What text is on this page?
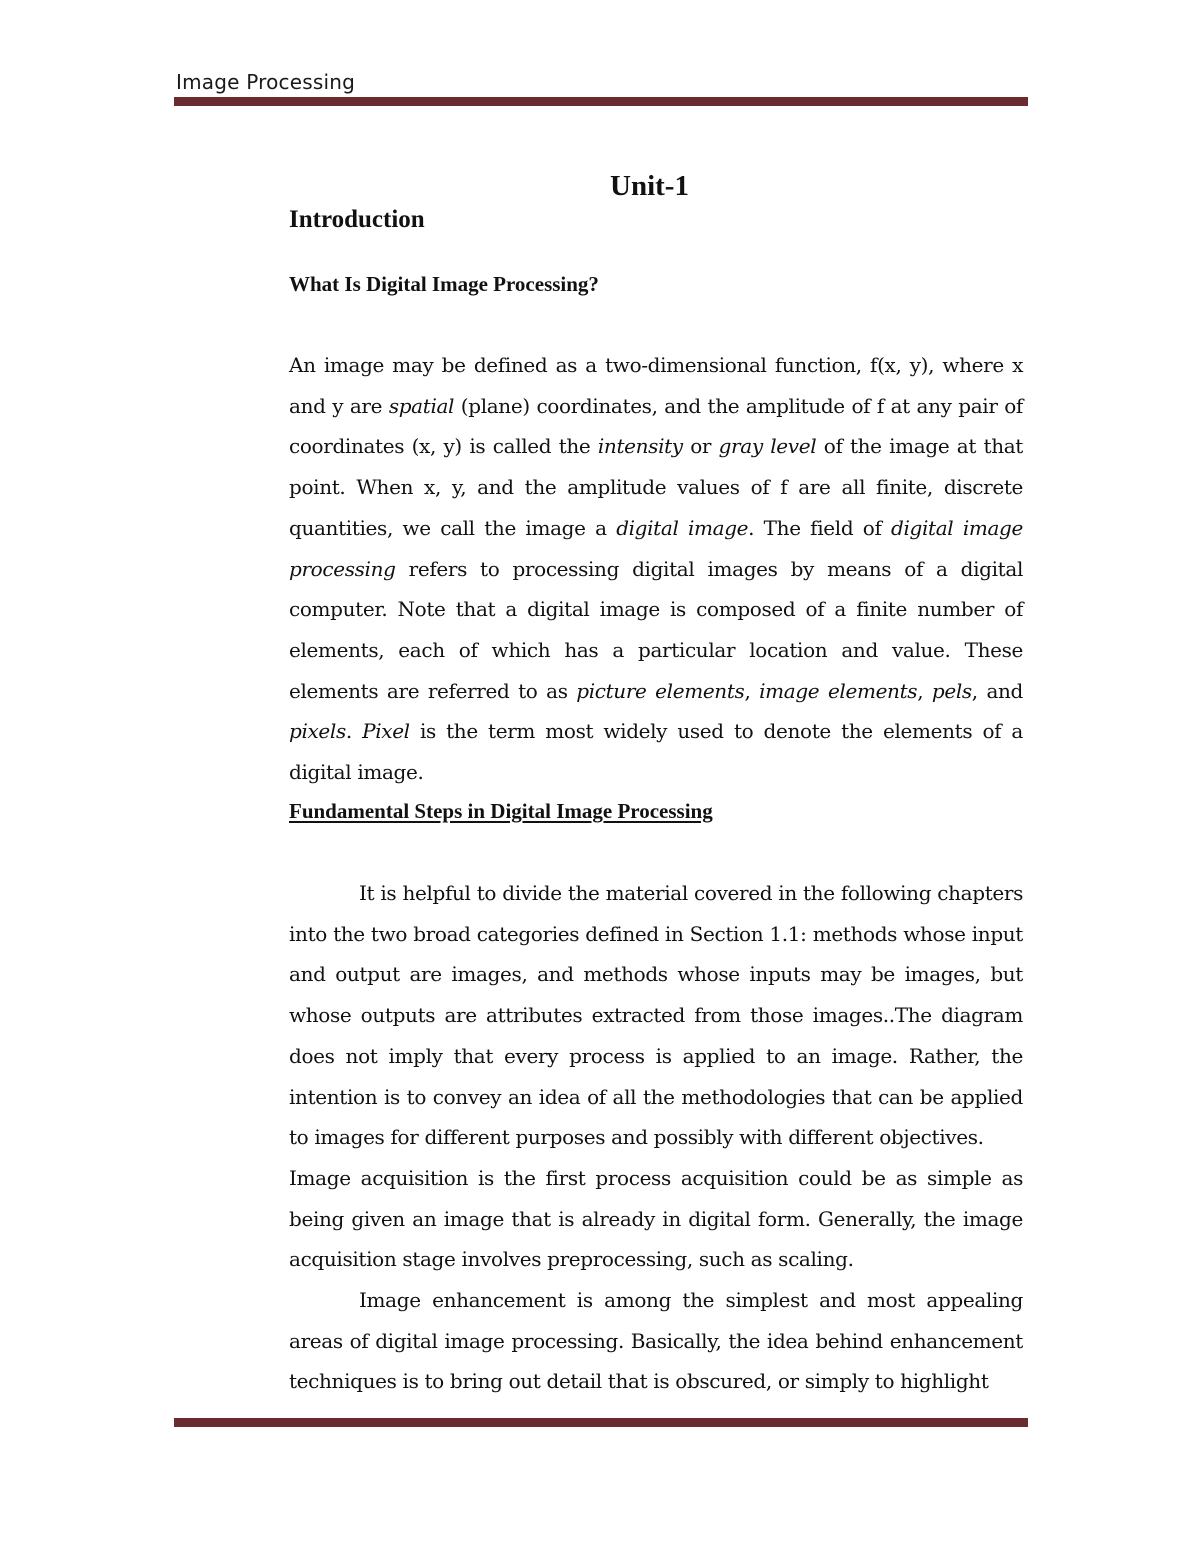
Image Processing
Unit-1
Introduction
What Is Digital Image Processing?

An image may be defined as a two-dimensional function, f(x, y), where x and y are spatial (plane) coordinates, and the amplitude of f at any pair of coordinates (x, y) is called the intensity or gray level of the image at that point. When x, y, and the amplitude values of f are all finite, discrete quantities, we call the image a digital image. The field of digital image processing refers to processing digital images by means of a digital computer. Note that a digital image is composed of a finite number of elements, each of which has a particular location and value. These elements are referred to as picture elements, image elements, pels, and pixels. Pixel is the term most widely used to denote the elements of a digital image.

Fundamental Steps in Digital Image Processing

It is helpful to divide the material covered in the following chapters into the two broad categories defined in Section 1.1: methods whose input and output are images, and methods whose inputs may be images, but whose outputs are attributes extracted from those images..The diagram does not imply that every process is applied to an image. Rather, the intention is to convey an idea of all the methodologies that can be applied to images for different purposes and possibly with different objectives.

Image acquisition is the first process acquisition could be as simple as being given an image that is already in digital form. Generally, the image acquisition stage involves preprocessing, such as scaling.

Image enhancement is among the simplest and most appealing areas of digital image processing. Basically, the idea behind enhancement techniques is to bring out detail that is obscured, or simply to highlight
